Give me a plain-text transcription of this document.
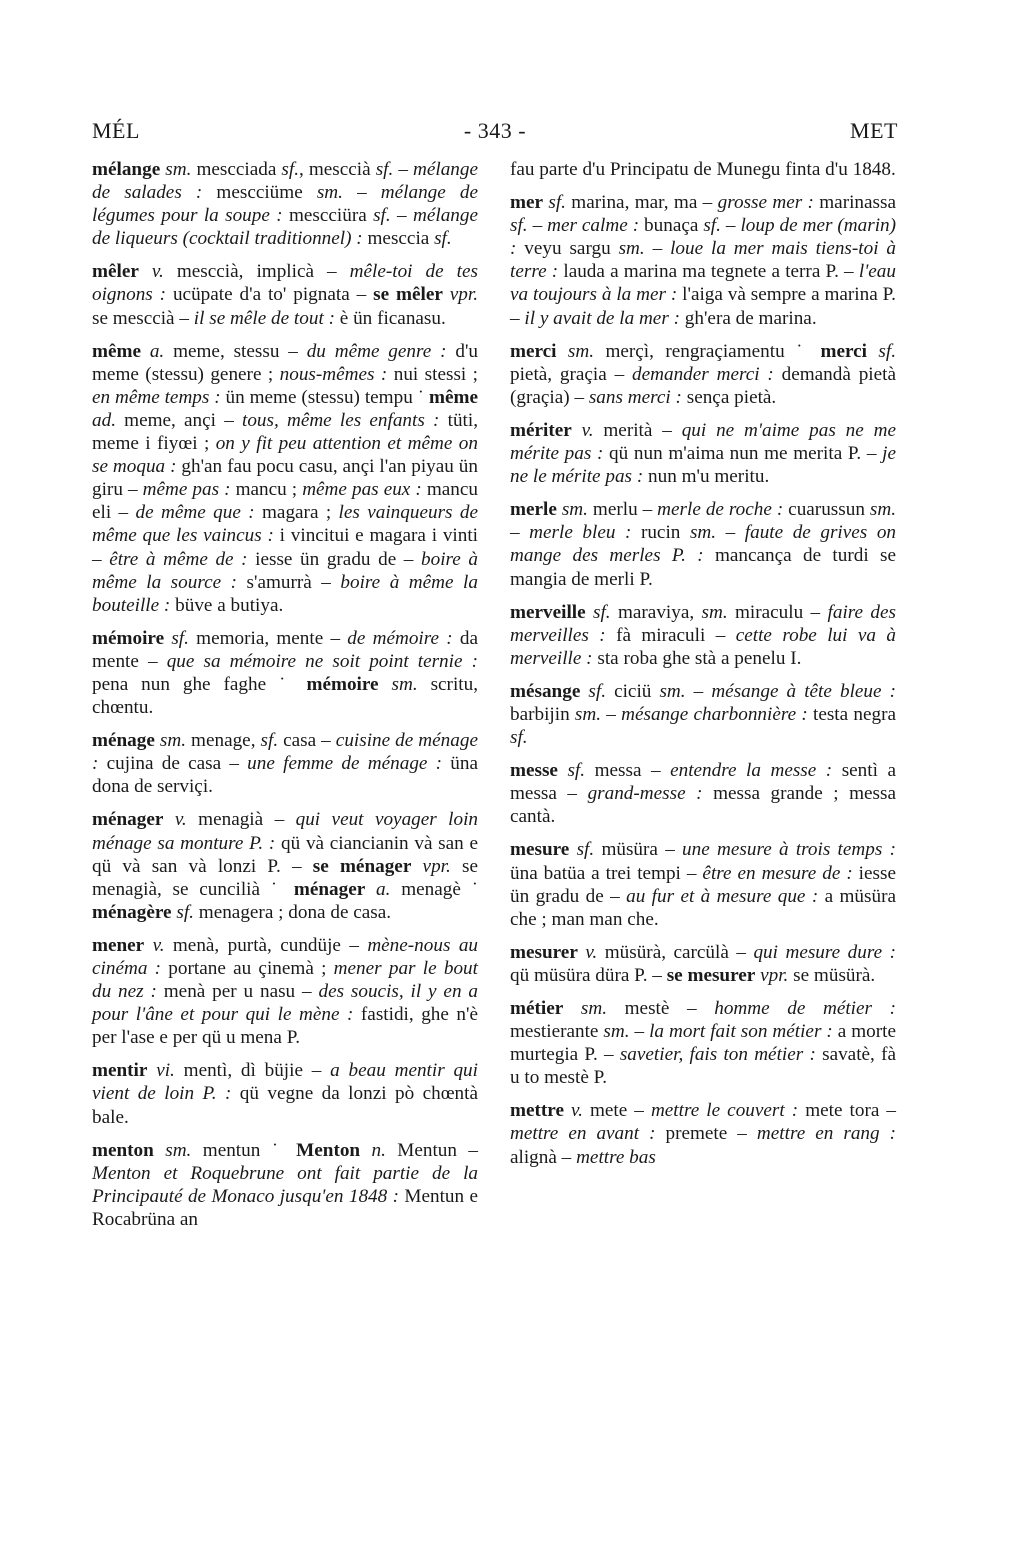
MÉL	- 343 -	MET

mélange sm. mescciada sf., mesccià sf. – mélange de salades : mescciüme sm. – mélange de légumes pour la soupe : mescciüra sf. – mélange de liqueurs (cocktail traditionnel) : mesccia sf.

mêler v. mesccià, implicà – mêle-toi de tes oignons : ucüpate d'a to' pignata – se mêler vpr. se mesccià – il se mêle de tout : è ün ficanasu.

même a. meme, stessu – du même genre : d'u meme (stessu) genere ; nous-mêmes : nui stessi ; en même temps : ün meme (stessu) tempu ˙ même ad. meme, ançi – tous, même les enfants : tüti, meme i fiyœi ; on y fit peu attention et même on se moqua : gh'an fau pocu casu, ançi l'an piyau ün giru – même pas : mancu ; même pas eux : mancu eli – de même que : magara ; les vainqueurs de même que les vaincus : i vincitui e magara i vinti – être à même de : iesse ün gradu de – boire à même la source : s'amurrà – boire à même la bouteille : büve a butiya.

mémoire sf. memoria, mente – de mémoire : da mente – que sa mémoire ne soit point ternie : pena nun ghe faghe ˙ mémoire sm. scritu, chœntu.

ménage sm. menage, sf. casa – cuisine de ménage : cujina de casa – une femme de ménage : üna dona de serviçi.

ménager v. menagià – qui veut voyager loin ménage sa monture P. : qü và ciancianin và san e qü và san và lonzi P. – se ménager vpr. se menagià, se cuncilià ˙ ménager a. menagè ˙ ménagère sf. menagera ; dona de casa.

mener v. menà, purtà, cundüje – mène-nous au cinéma : portane au çinemà ; mener par le bout du nez : menà per u nasu – des soucis, il y en a pour l'âne et pour qui le mène : fastidi, ghe n'è per l'ase e per qü u mena P.

mentir vi. mentì, dì büjie – a beau mentir qui vient de loin P. : qü vegne da lonzi pò chœntà bale.

menton sm. mentun ˙ Menton n. Mentun – Menton et Roquebrune ont fait partie de la Principauté de Monaco jusqu'en 1848 : Mentun e Rocabrüna an

fau parte d'u Principatu de Munegu finta d'u 1848.

mer sf. marina, mar, ma – grosse mer : marinassa sf. – mer calme : bunaça sf. – loup de mer (marin) : veyu sargu sm. – loue la mer mais tiens-toi à terre : lauda a marina ma tegnete a terra P. – l'eau va toujours à la mer : l'aiga và sempre a marina P. – il y avait de la mer : gh'era de marina.

merci sm. merçì, rengraçiamentu ˙ merci sf. pietà, graçia – demander merci : demandà pietà (graçia) – sans merci : sença pietà.

mériter v. merità – qui ne m'aime pas ne me mérite pas : qü nun m'aima nun me merita P. – je ne le mérite pas : nun m'u meritu.

merle sm. merlu – merle de roche : cuarussun sm. – merle bleu : rucin sm. – faute de grives on mange des merles P. : mancança de turdi se mangia de merli P.

merveille sf. maraviya, sm. miraculu – faire des merveilles : fà miraculi – cette robe lui va à merveille : sta roba ghe stà a penelu I.

mésange sf. ciciü sm. – mésange à tête bleue : barbijin sm. – mésange charbonnière : testa negra sf.

messe sf. messa – entendre la messe : sentì a messa – grand-messe : messa grande ; messa cantà.

mesure sf. müsüra – une mesure à trois temps : üna batüa a trei tempi – être en mesure de : iesse ün gradu de – au fur et à mesure que : a müsüra che ; man man che.

mesurer v. müsürà, carcülà – qui mesure dure : qü müsüra düra P. – se mesurer vpr. se müsürà.

métier sm. mestè – homme de métier : mestierante sm. – la mort fait son métier : a morte murtegia P. – savetier, fais ton métier : savatè, fà u to mestè P.

mettre v. mete – mettre le couvert : mete tora – mettre en avant : premete – mettre en rang : alignà – mettre bas
